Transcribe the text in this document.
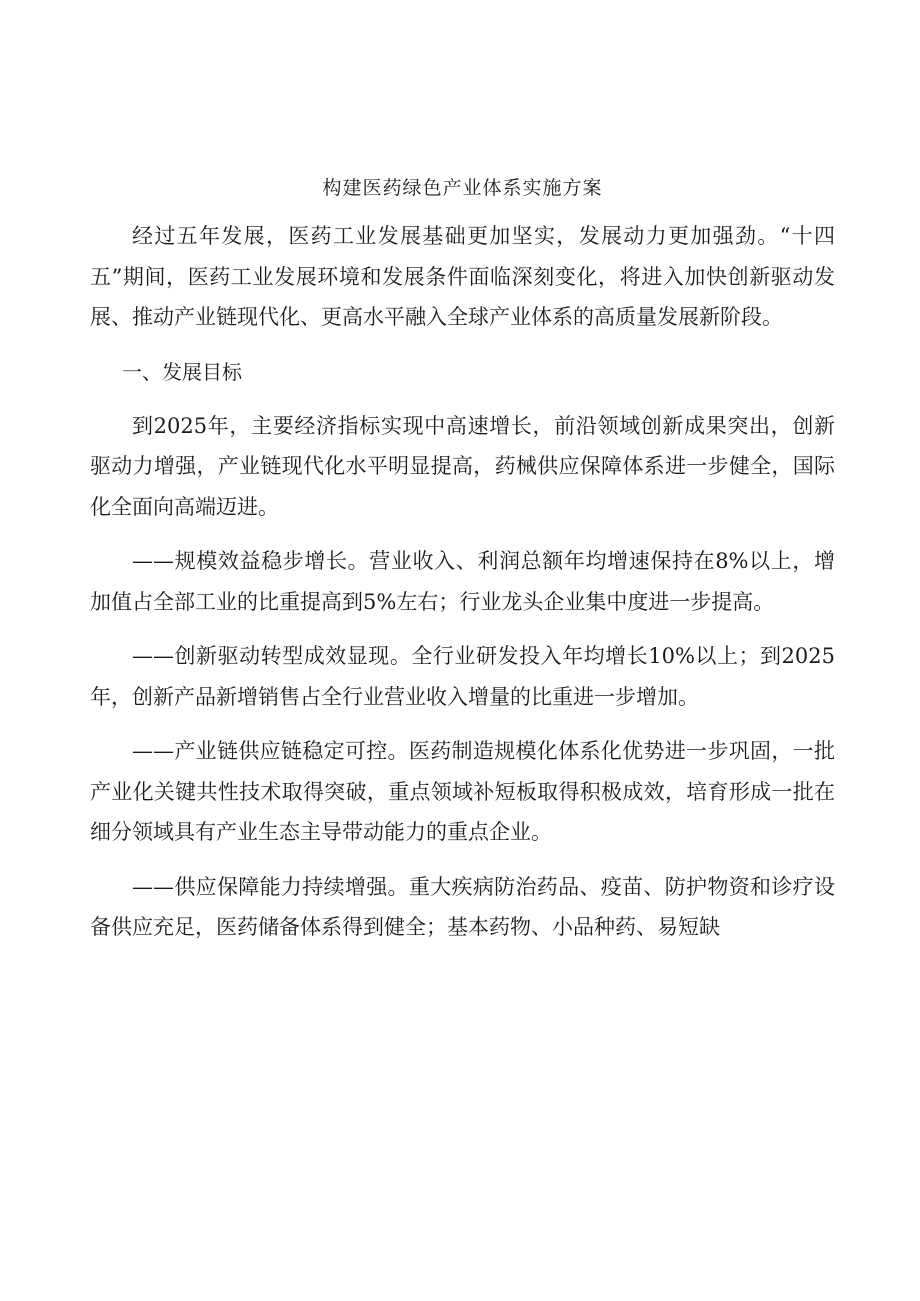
构建医药绿色产业体系实施方案

经过五年发展，医药工业发展基础更加坚实，发展动力更加强劲。“十四五”期间，医药工业发展环境和发展条件面临深刻变化，将进入加快创新驱动发展、推动产业链现代化、更高水平融入全球产业体系的高质量发展新阶段。

一、发展目标

到2025年，主要经济指标实现中高速增长，前沿领域创新成果突出，创新驱动力增强，产业链现代化水平明显提高，药械供应保障体系进一步健全，国际化全面向高端迈进。

——规模效益稳步增长。营业收入、利润总额年均增速保持在8%以上，增加值占全部工业的比重提高到5%左右；行业龙头企业集中度进一步提高。

——创新驱动转型成效显现。全行业研发投入年均增长10%以上；到2025年，创新产品新增销售占全行业营业收入增量的比重进一步增加。

——产业链供应链稳定可控。医药制造规模化体系化优势进一步巩固，一批产业化关键共性技术取得突破，重点领域补短板取得积极成效，培育形成一批在细分领域具有产业生态主导带动能力的重点企业。

——供应保障能力持续增强。重大疾病防治药品、疫苗、防护物资和诊疗设备供应充足，医药储备体系得到健全；基本药物、小品种药、易短缺
